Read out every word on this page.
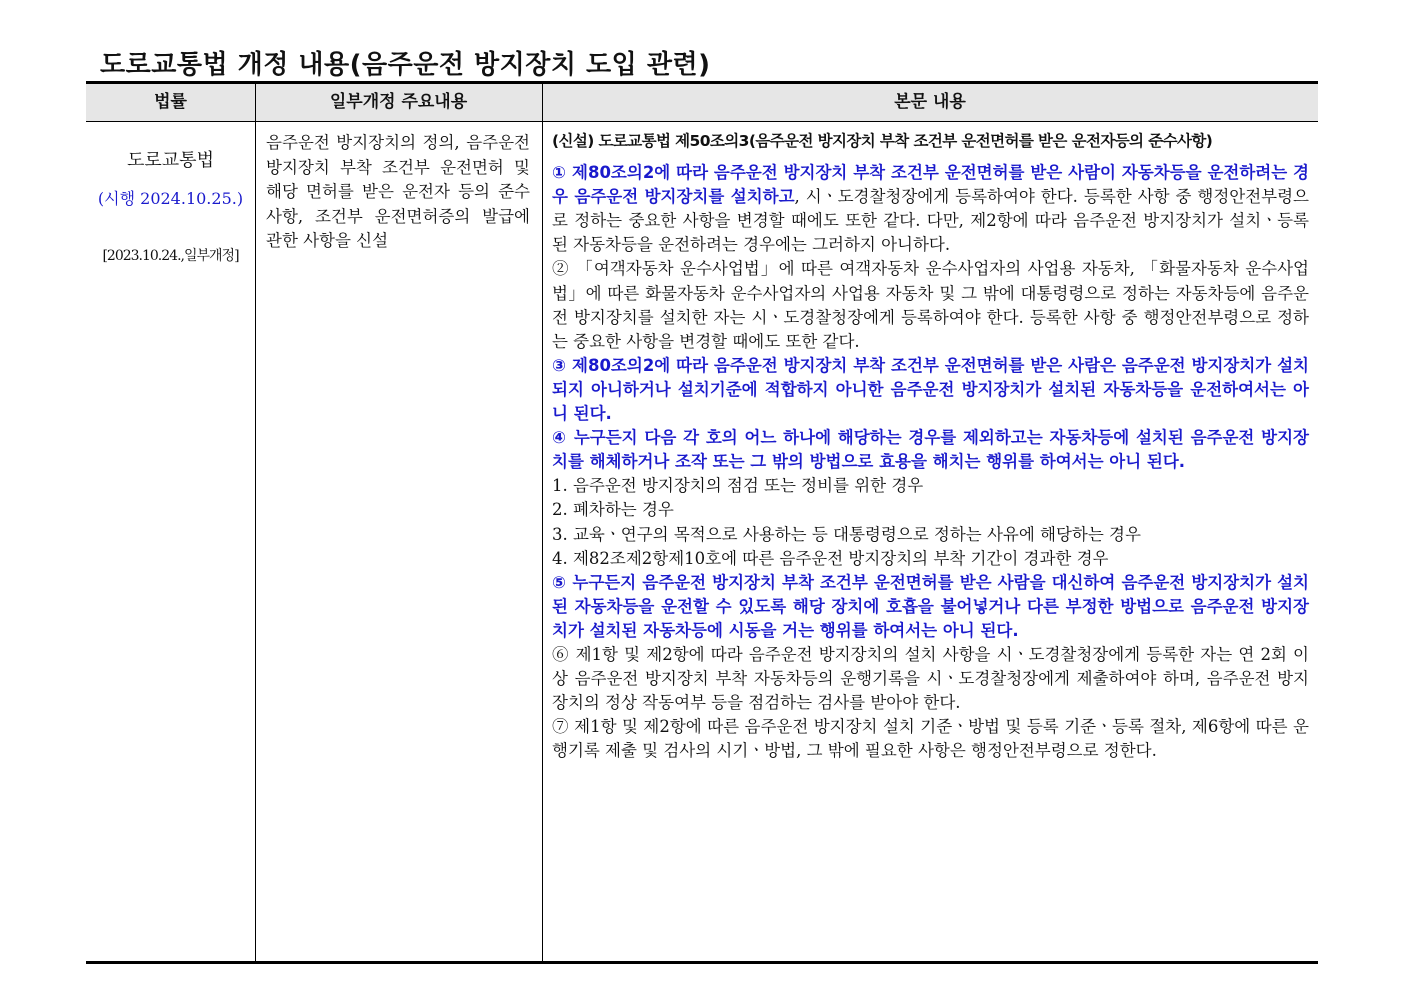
도로교통법 개정 내용(음주운전 방지장치 도입 관련)
법률	일부개정 주요내용	본문 내용
도로교통법
(시행 2024.10.25.)
[2023.10.24.,일부개정]

음주운전 방지장치의 정의, 음주운전 방지장치 부착 조건부 운전면허 및 해당 면허를 받은 운전자 등의 준수사항, 조건부 운전면허증의 발급에 관한 사항을 신설

(신설) 도로교통법 제50조의3(음주운전 방지장치 부착 조건부 운전면허를 받은 운전자등의 준수사항)

① 제80조의2에 따라 음주운전 방지장치 부착 조건부 운전면허를 받은 사람이 자동차등을 운전하려는 경우 음주운전 방지장치를 설치하고, 시ㆍ도경찰청장에게 등록하여야 한다. 등록한 사항 중 행정안전부령으로 정하는 중요한 사항을 변경할 때에도 또한 같다. 다만, 제2항에 따라 음주운전 방지장치가 설치ㆍ등록된 자동차등을 운전하려는 경우에는 그러하지 아니하다.

② 「여객자동차 운수사업법」에 따른 여객자동차 운수사업자의 사업용 자동차, 「화물자동차 운수사업법」에 따른 화물자동차 운수사업자의 사업용 자동차 및 그 밖에 대통령령으로 정하는 자동차등에 음주운전 방지장치를 설치한 자는 시ㆍ도경찰청장에게 등록하여야 한다. 등록한 사항 중 행정안전부령으로 정하는 중요한 사항을 변경할 때에도 또한 같다.

③ 제80조의2에 따라 음주운전 방지장치 부착 조건부 운전면허를 받은 사람은 음주운전 방지장치가 설치되지 아니하거나 설치기준에 적합하지 아니한 음주운전 방지장치가 설치된 자동차등을 운전하여서는 아니 된다.

④ 누구든지 다음 각 호의 어느 하나에 해당하는 경우를 제외하고는 자동차등에 설치된 음주운전 방지장치를 해체하거나 조작 또는 그 밖의 방법으로 효용을 해치는 행위를 하여서는 아니 된다.

1. 음주운전 방지장치의 점검 또는 정비를 위한 경우

2. 폐차하는 경우

3. 교육ㆍ연구의 목적으로 사용하는 등 대통령령으로 정하는 사유에 해당하는 경우

4. 제82조제2항제10호에 따른 음주운전 방지장치의 부착 기간이 경과한 경우

⑤ 누구든지 음주운전 방지장치 부착 조건부 운전면허를 받은 사람을 대신하여 음주운전 방지장치가 설치된 자동차등을 운전할 수 있도록 해당 장치에 호흡을 불어넣거나 다른 부정한 방법으로 음주운전 방지장치가 설치된 자동차등에 시동을 거는 행위를 하여서는 아니 된다.

⑥ 제1항 및 제2항에 따라 음주운전 방지장치의 설치 사항을 시ㆍ도경찰청장에게 등록한 자는 연 2회 이상 음주운전 방지장치 부착 자동차등의 운행기록을 시ㆍ도경찰청장에게 제출하여야 하며, 음주운전 방지장치의 정상 작동여부 등을 점검하는 검사를 받아야 한다.

⑦ 제1항 및 제2항에 따른 음주운전 방지장치 설치 기준ㆍ방법 및 등록 기준ㆍ등록 절차, 제6항에 따른 운행기록 제출 및 검사의 시기ㆍ방법, 그 밖에 필요한 사항은 행정안전부령으로 정한다.
